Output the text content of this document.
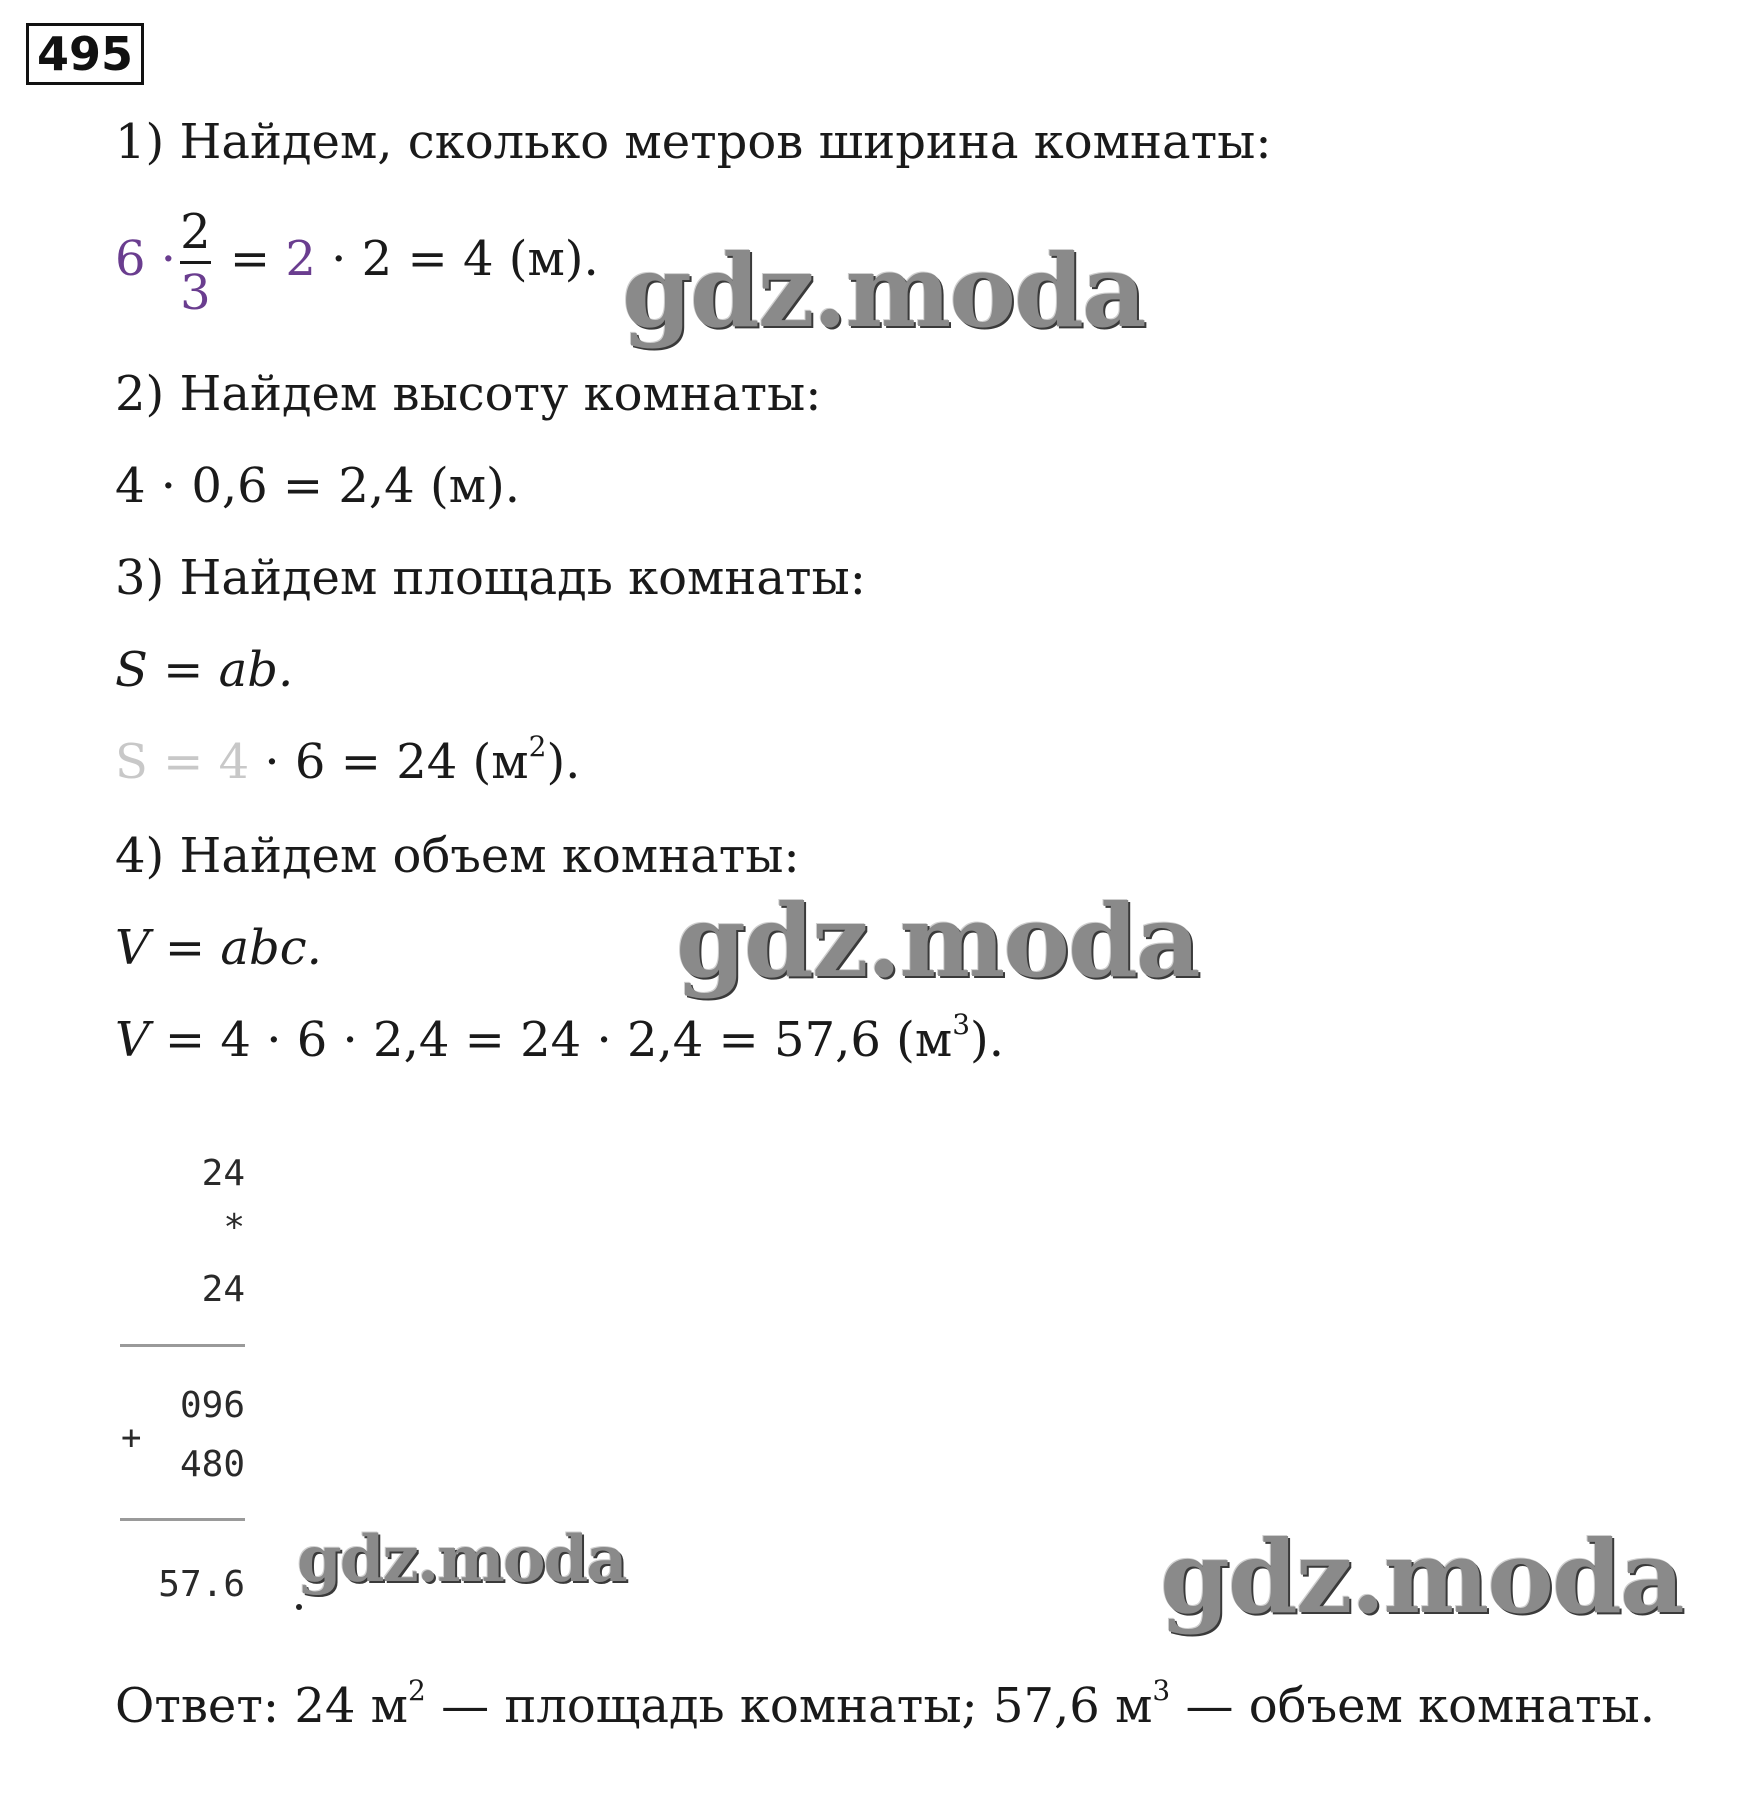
495
1) Найдем, сколько метров ширина комнаты:
$6 \cdot \frac{2}{3} = 2 \cdot 2 = 4$ (м).
2) Найдем высоту комнаты:
4 · 0,6 = 2,4 (м).
3) Найдем площадь комнаты:
S = ab.
S = 4 · 6 = 24 $(м^2)$.
4) Найдем объем комнаты:
V = abc.
V = 4 · 6 · 2,4 = 24 · 2,4 = 57,6 $(м^3)$.
24
*
24
096
+
480
57.6
Ответ: 24 $м^2$ — площадь комнаты; 57,6 $м^3$ — объем комнаты.
gdz.moda
gdz.moda
gdz.moda	gdz.moda
